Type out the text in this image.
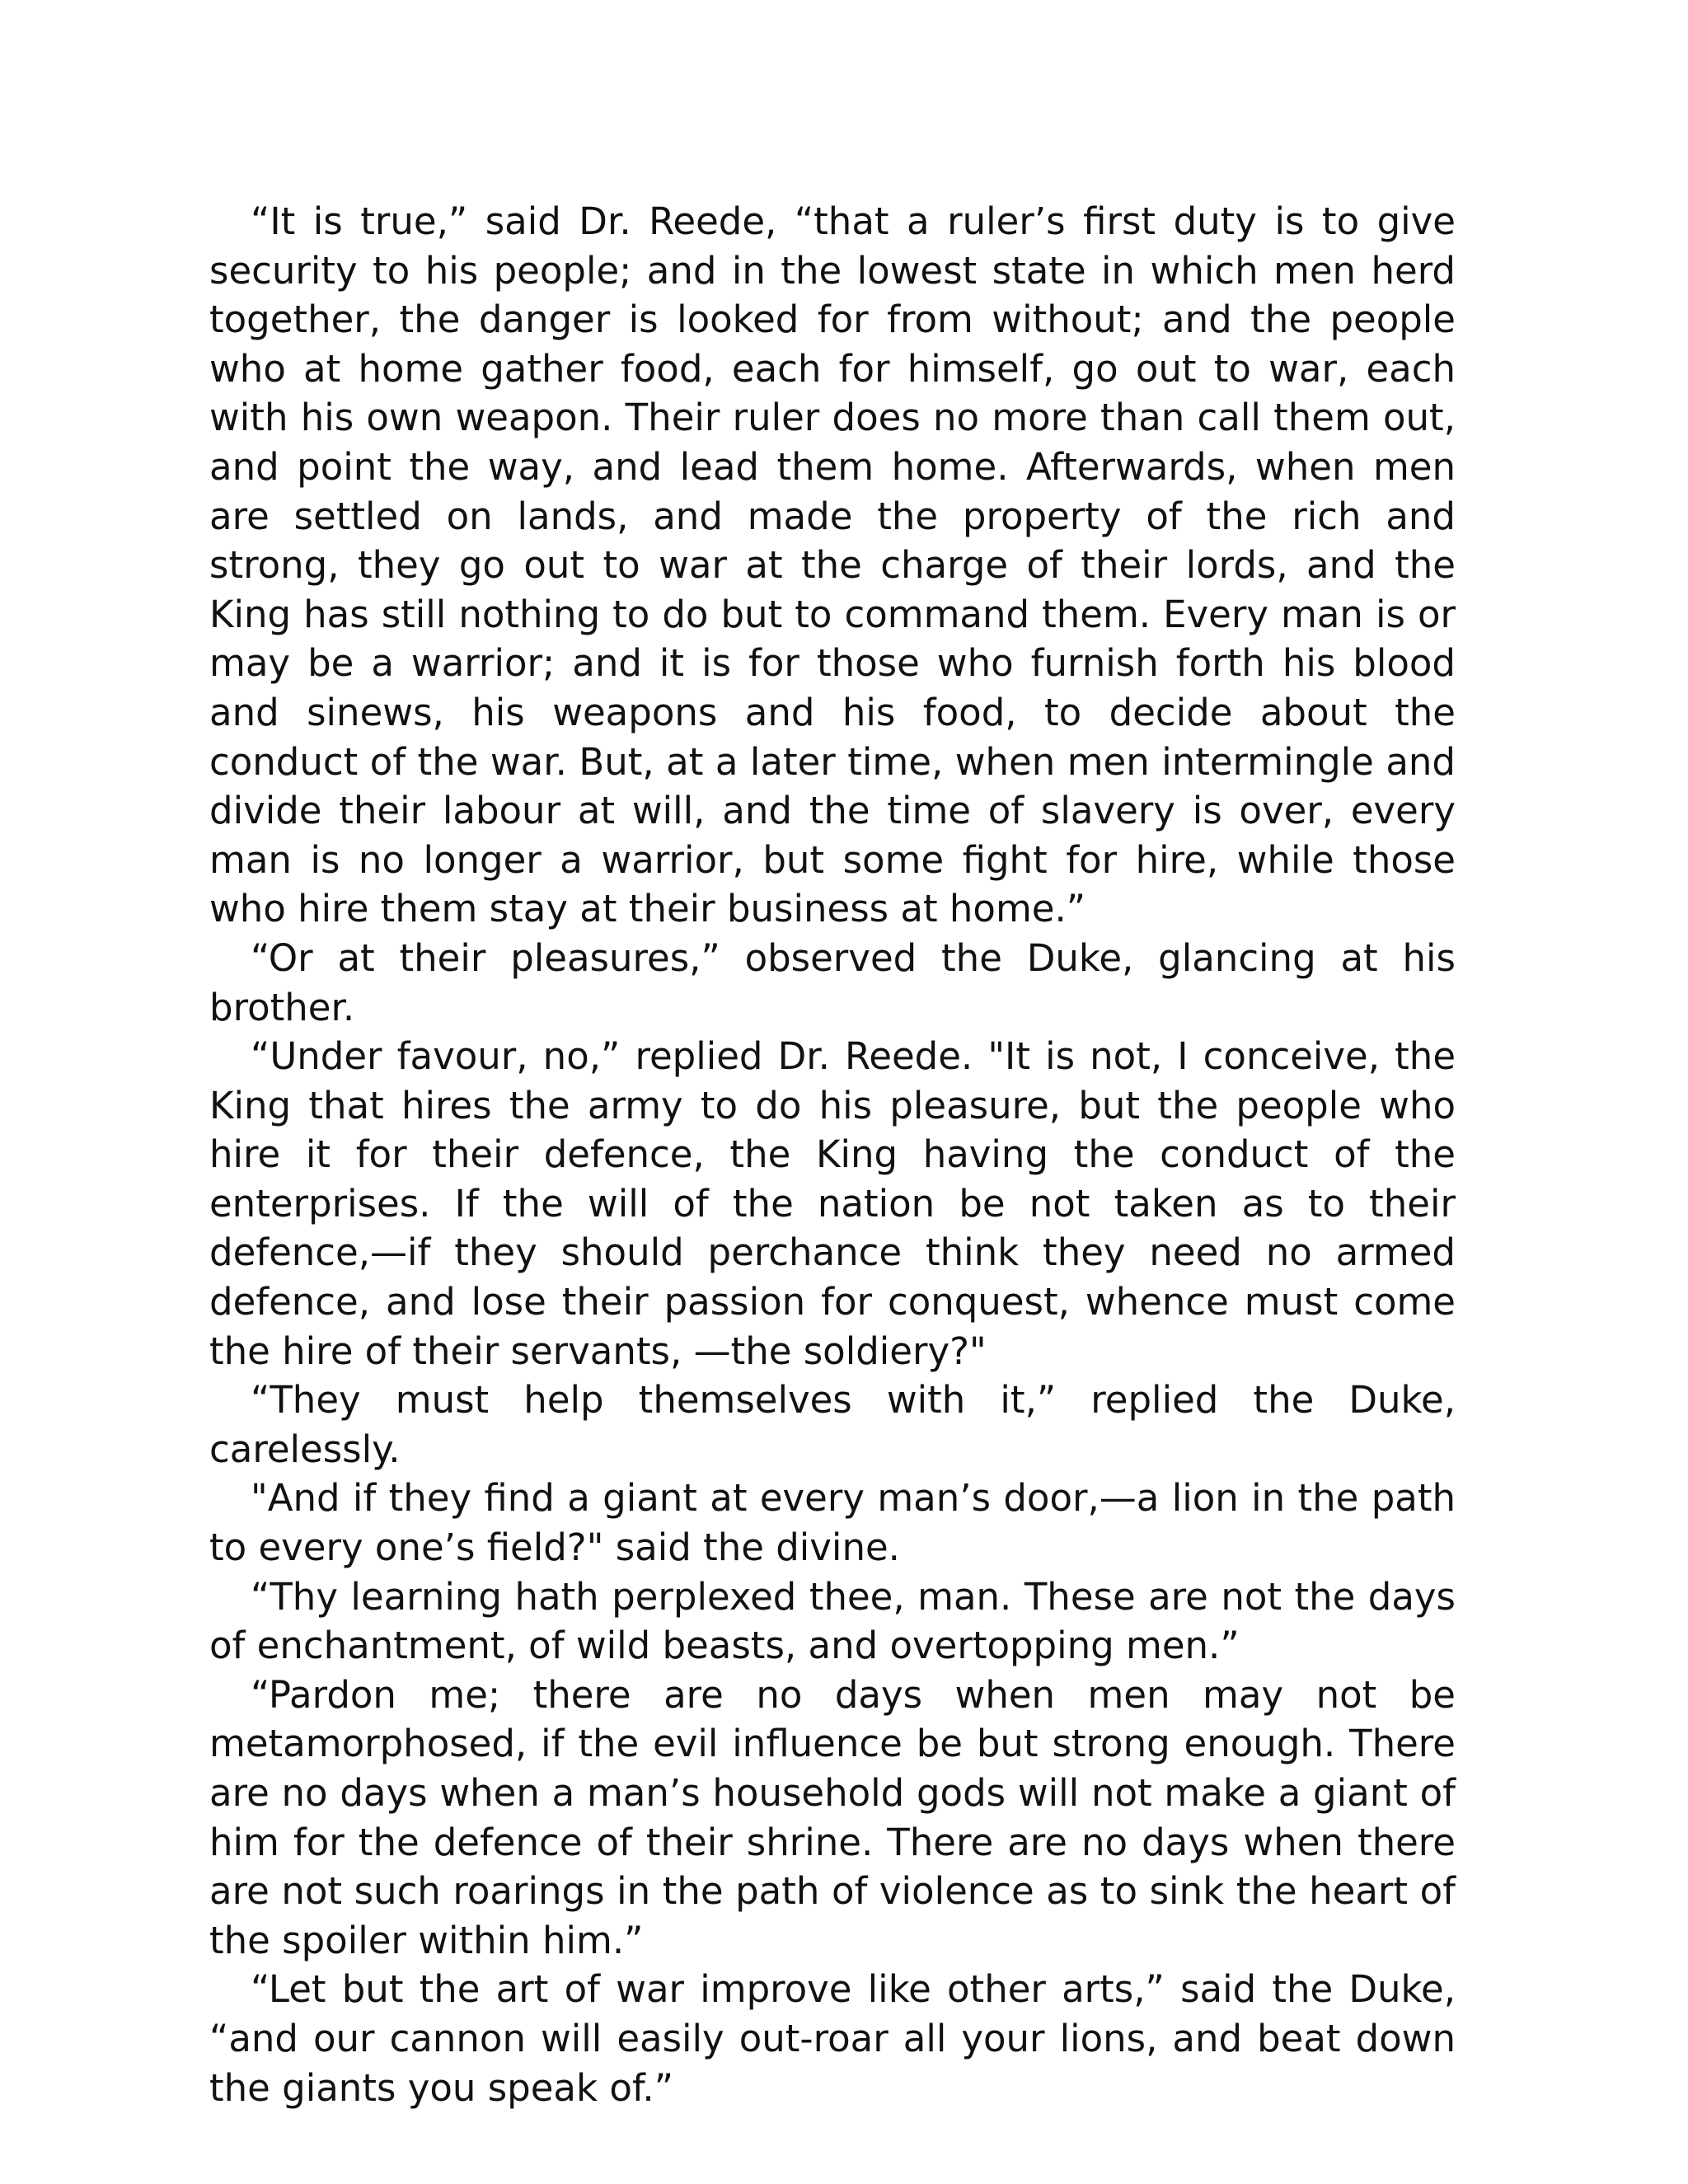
“It is true,” said Dr. Reede, “that a ruler’s first duty is to give security to his people; and in the lowest state in which men herd together, the danger is looked for from without; and the people who at home gather food, each for himself, go out to war, each with his own weapon. Their ruler does no more than call them out, and point the way, and lead them home. Afterwards, when men are settled on lands, and made the property of the rich and strong, they go out to war at the charge of their lords, and the King has still nothing to do but to command them. Every man is or may be a warrior; and it is for those who furnish forth his blood and sinews, his weapons and his food, to decide about the conduct of the war. But, at a later time, when men intermingle and divide their labour at will, and the time of slavery is over, every man is no longer a warrior, but some fight for hire, while those who hire them stay at their business at home.”

“Or at their pleasures,” observed the Duke, glancing at his brother.

“Under favour, no,” replied Dr. Reede. "It is not, I conceive, the King that hires the army to do his pleasure, but the people who hire it for their defence, the King having the conduct of the enterprises. If the will of the nation be not taken as to their defence,—if they should perchance think they need no armed defence, and lose their passion for conquest, whence must come the hire of their servants, —the soldiery?"

“They must help themselves with it,” replied the Duke, carelessly.

"And if they find a giant at every man’s door,—a lion in the path to every one’s field?" said the divine.

“Thy learning hath perplexed thee, man. These are not the days of enchantment, of wild beasts, and overtopping men.”

“Pardon me; there are no days when men may not be metamorphosed, if the evil influence be but strong enough. There are no days when a man’s household gods will not make a giant of him for the defence of their shrine. There are no days when there are not such roarings in the path of violence as to sink the heart of the spoiler within him.”

“Let but the art of war improve like other arts,” said the Duke, “and our cannon will easily out-roar all your lions, and beat down the giants you speak of.”
